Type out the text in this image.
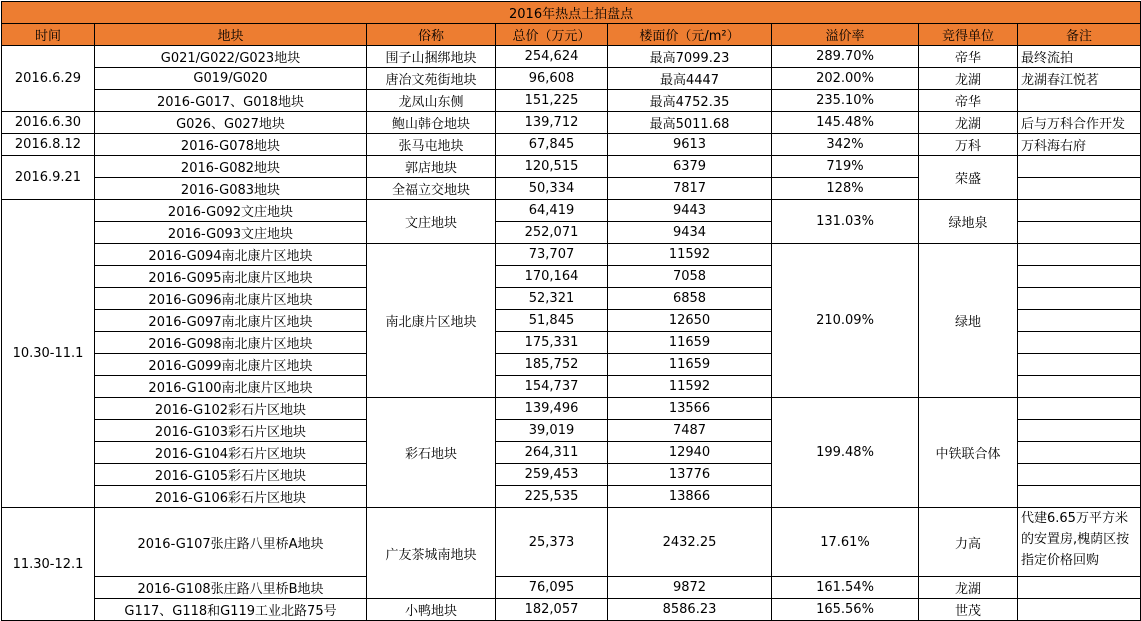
2016年热点土拍盘点							
时间	地块	俗称	总价（万元）	楼面价（元/m²）	溢价率	竞得单位	备注
2016.6.29	G021/G022/G023地块	围子山捆绑地块	254,624	最高7099.23	289.70%	帝华	最终流拍
	G019/G020	唐冶文苑街地块	96,608	最高4447	202.00%	龙湖	龙湖春江悦茗
	2016-G017、G018地块	龙凤山东侧	151,225	最高4752.35	235.10%	帝华	
2016.6.30	G026、G027地块	鲍山韩仓地块	139,712	最高5011.68	145.48%	龙湖	后与万科合作开发
2016.8.12	2016-G078地块	张马屯地块	67,845	9613	342%	万科	万科海右府
2016.9.21	2016-G082地块	郭店地块	120,515	6379	719%	荣盛	
	2016-G083地块	全福立交地块	50,334	7817	128%		
10.30-11.1	2016-G092文庄地块	文庄地块	64,419	9443	131.03%	绿地泉	
	2016-G093文庄地块		252,071	9434			
	2016-G094南北康片区地块	南北康片区地块	73,707	11592	210.09%	绿地	
	2016-G095南北康片区地块		170,164	7058			
	2016-G096南北康片区地块		52,321	6858			
	2016-G097南北康片区地块		51,845	12650			
	2016-G098南北康片区地块		175,331	11659			
	2016-G099南北康片区地块		185,752	11659			
	2016-G100南北康片区地块		154,737	11592			
	2016-G102彩石片区地块	彩石地块	139,496	13566	199.48%	中铁联合体	
	2016-G103彩石片区地块		39,019	7487			
	2016-G104彩石片区地块		264,311	12940			
	2016-G105彩石片区地块		259,453	13776			
	2016-G106彩石片区地块		225,535	13866			
11.30-12.1	2016-G107张庄路八里桥A地块	广友茶城南地块	25,373	2432.25	17.61%	力高	代建6.65万平方米的安置房,槐荫区按指定价格回购
	2016-G108张庄路八里桥B地块		76,095	9872	161.54%	龙湖	
	G117、G118和G119工业北路75号	小鸭地块	182,057	8586.23	165.56%	世茂	
